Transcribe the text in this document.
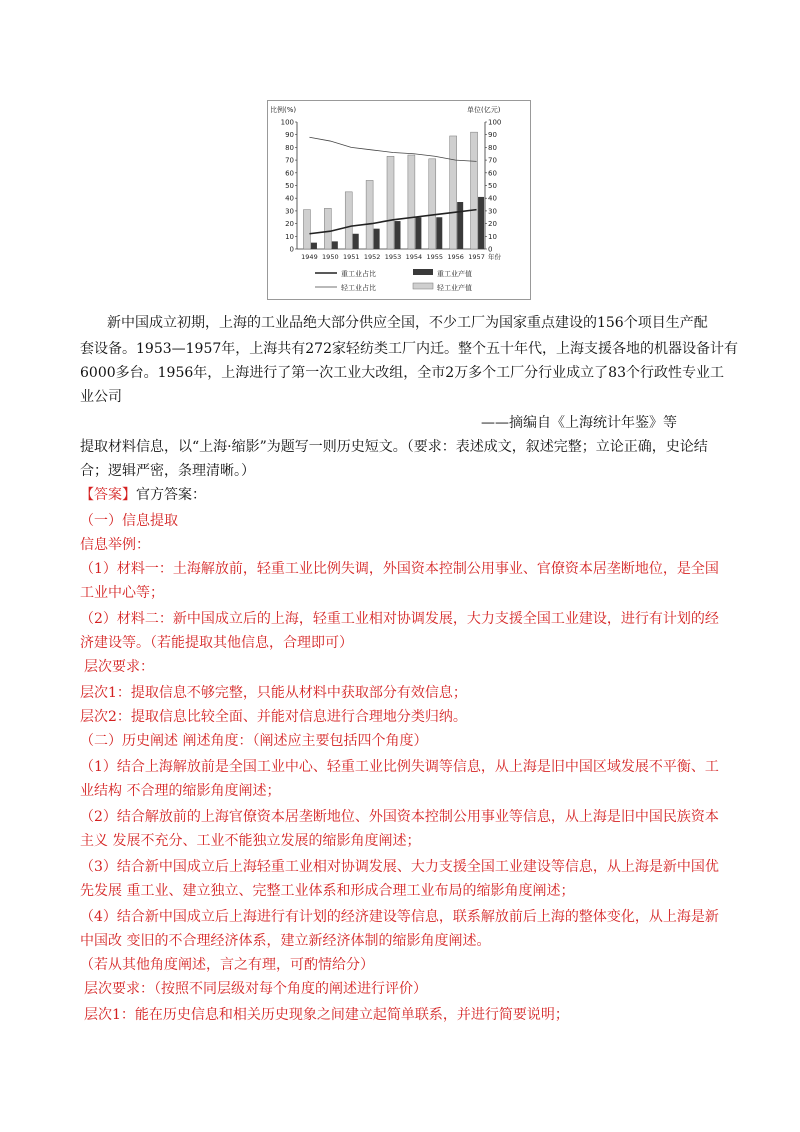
比例(%)	单位(亿元)
0	0
10	10
20	20
30	30
40	40
50	50
60	60
70	70
80	80
90	90
100	100
1949 1950 1951 1952 1953 1954 1955 1956 1957 年份
重工业占比	重工业产值
轻工业占比	轻工业产值
新中国成立初期，上海的工业品绝大部分供应全国，不少工厂为国家重点建设的156个项目生产配
套设备。1953—1957年，上海共有272家轻纺类工厂内迁。整个五十年代，上海支援各地的机器设备计有
6000多台。1956年，上海进行了第一次工业大改组，全市2万多个工厂分行业成立了83个行政性专业工
业公司
——摘编自《上海统计年鉴》等
提取材料信息，以“上海·缩影”为题写一则历史短文。（要求：表述成文，叙述完整；立论正确，史论结
合；逻辑严密，条理清晰。）
【答案】官方答案：
（一）信息提取
信息举例：
（1）材料一：土海解放前，轻重工业比例失调，外国资本控制公用事业、官僚资本居垄断地位，是全国
工业中心等；
（2）材料二：新中国成立后的上海，轻重工业相对协调发展，大力支援全国工业建设，进行有计划的经
济建设等。（若能提取其他信息，合理即可）
层次要求：
层次1：提取信息不够完整，只能从材料中获取部分有效信息；
层次2：提取信息比较全面、并能对信息进行合理地分类归纳。
（二）历史阐述 阐述角度：（阐述应主要包括四个角度）
（1）结合上海解放前是全国工业中心、轻重工业比例失调等信息，从上海是旧中国区域发展不平衡、工
业结构 不合理的缩影角度阐述；
（2）结合解放前的上海官僚资本居垄断地位、外国资本控制公用事业等信息，从上海是旧中国民族资本
主义 发展不充分、工业不能独立发展的缩影角度阐述；
（3）结合新中国成立后上海轻重工业相对协调发展、大力支援全国工业建设等信息，从上海是新中国优
先发展 重工业、建立独立、完整工业体系和形成合理工业布局的缩影角度阐述；
（4）结合新中国成立后上海进行有计划的经济建设等信息，联系解放前后上海的整体变化，从上海是新
中国改 变旧的不合理经济体系，建立新经济体制的缩影角度阐述。
（若从其他角度阐述，言之有理，可酌情给分）
层次要求：（按照不同层级对每个角度的阐述进行评价）
层次1：能在历史信息和相关历史现象之间建立起简单联系，并进行简要说明；
